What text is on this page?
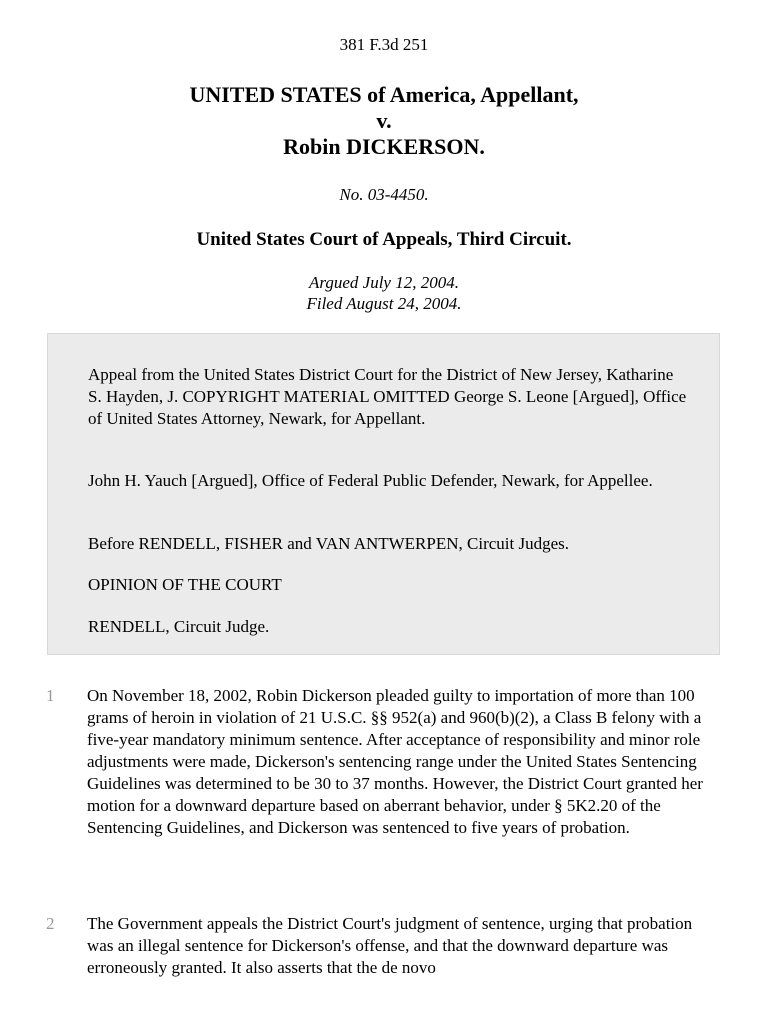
381 F.3d 251
UNITED STATES of America, Appellant,
v.
Robin DICKERSON.
No. 03-4450.
United States Court of Appeals, Third Circuit.
Argued July 12, 2004.
Filed August 24, 2004.

Appeal from the United States District Court for the District of New Jersey, Katharine S. Hayden, J. COPYRIGHT MATERIAL OMITTED George S. Leone [Argued], Office of United States Attorney, Newark, for Appellant.

John H. Yauch [Argued], Office of Federal Public Defender, Newark, for Appellee.

Before RENDELL, FISHER and VAN ANTWERPEN, Circuit Judges.

OPINION OF THE COURT

RENDELL, Circuit Judge.

1 On November 18, 2002, Robin Dickerson pleaded guilty to importation of more than 100 grams of heroin in violation of 21 U.S.C. §§ 952(a) and 960(b)(2), a Class B felony with a five-year mandatory minimum sentence. After acceptance of responsibility and minor role adjustments were made, Dickerson's sentencing range under the United States Sentencing Guidelines was determined to be 30 to 37 months. However, the District Court granted her motion for a downward departure based on aberrant behavior, under § 5K2.20 of the Sentencing Guidelines, and Dickerson was sentenced to five years of probation.

2 The Government appeals the District Court's judgment of sentence, urging that probation was an illegal sentence for Dickerson's offense, and that the downward departure was erroneously granted. It also asserts that the de novo
